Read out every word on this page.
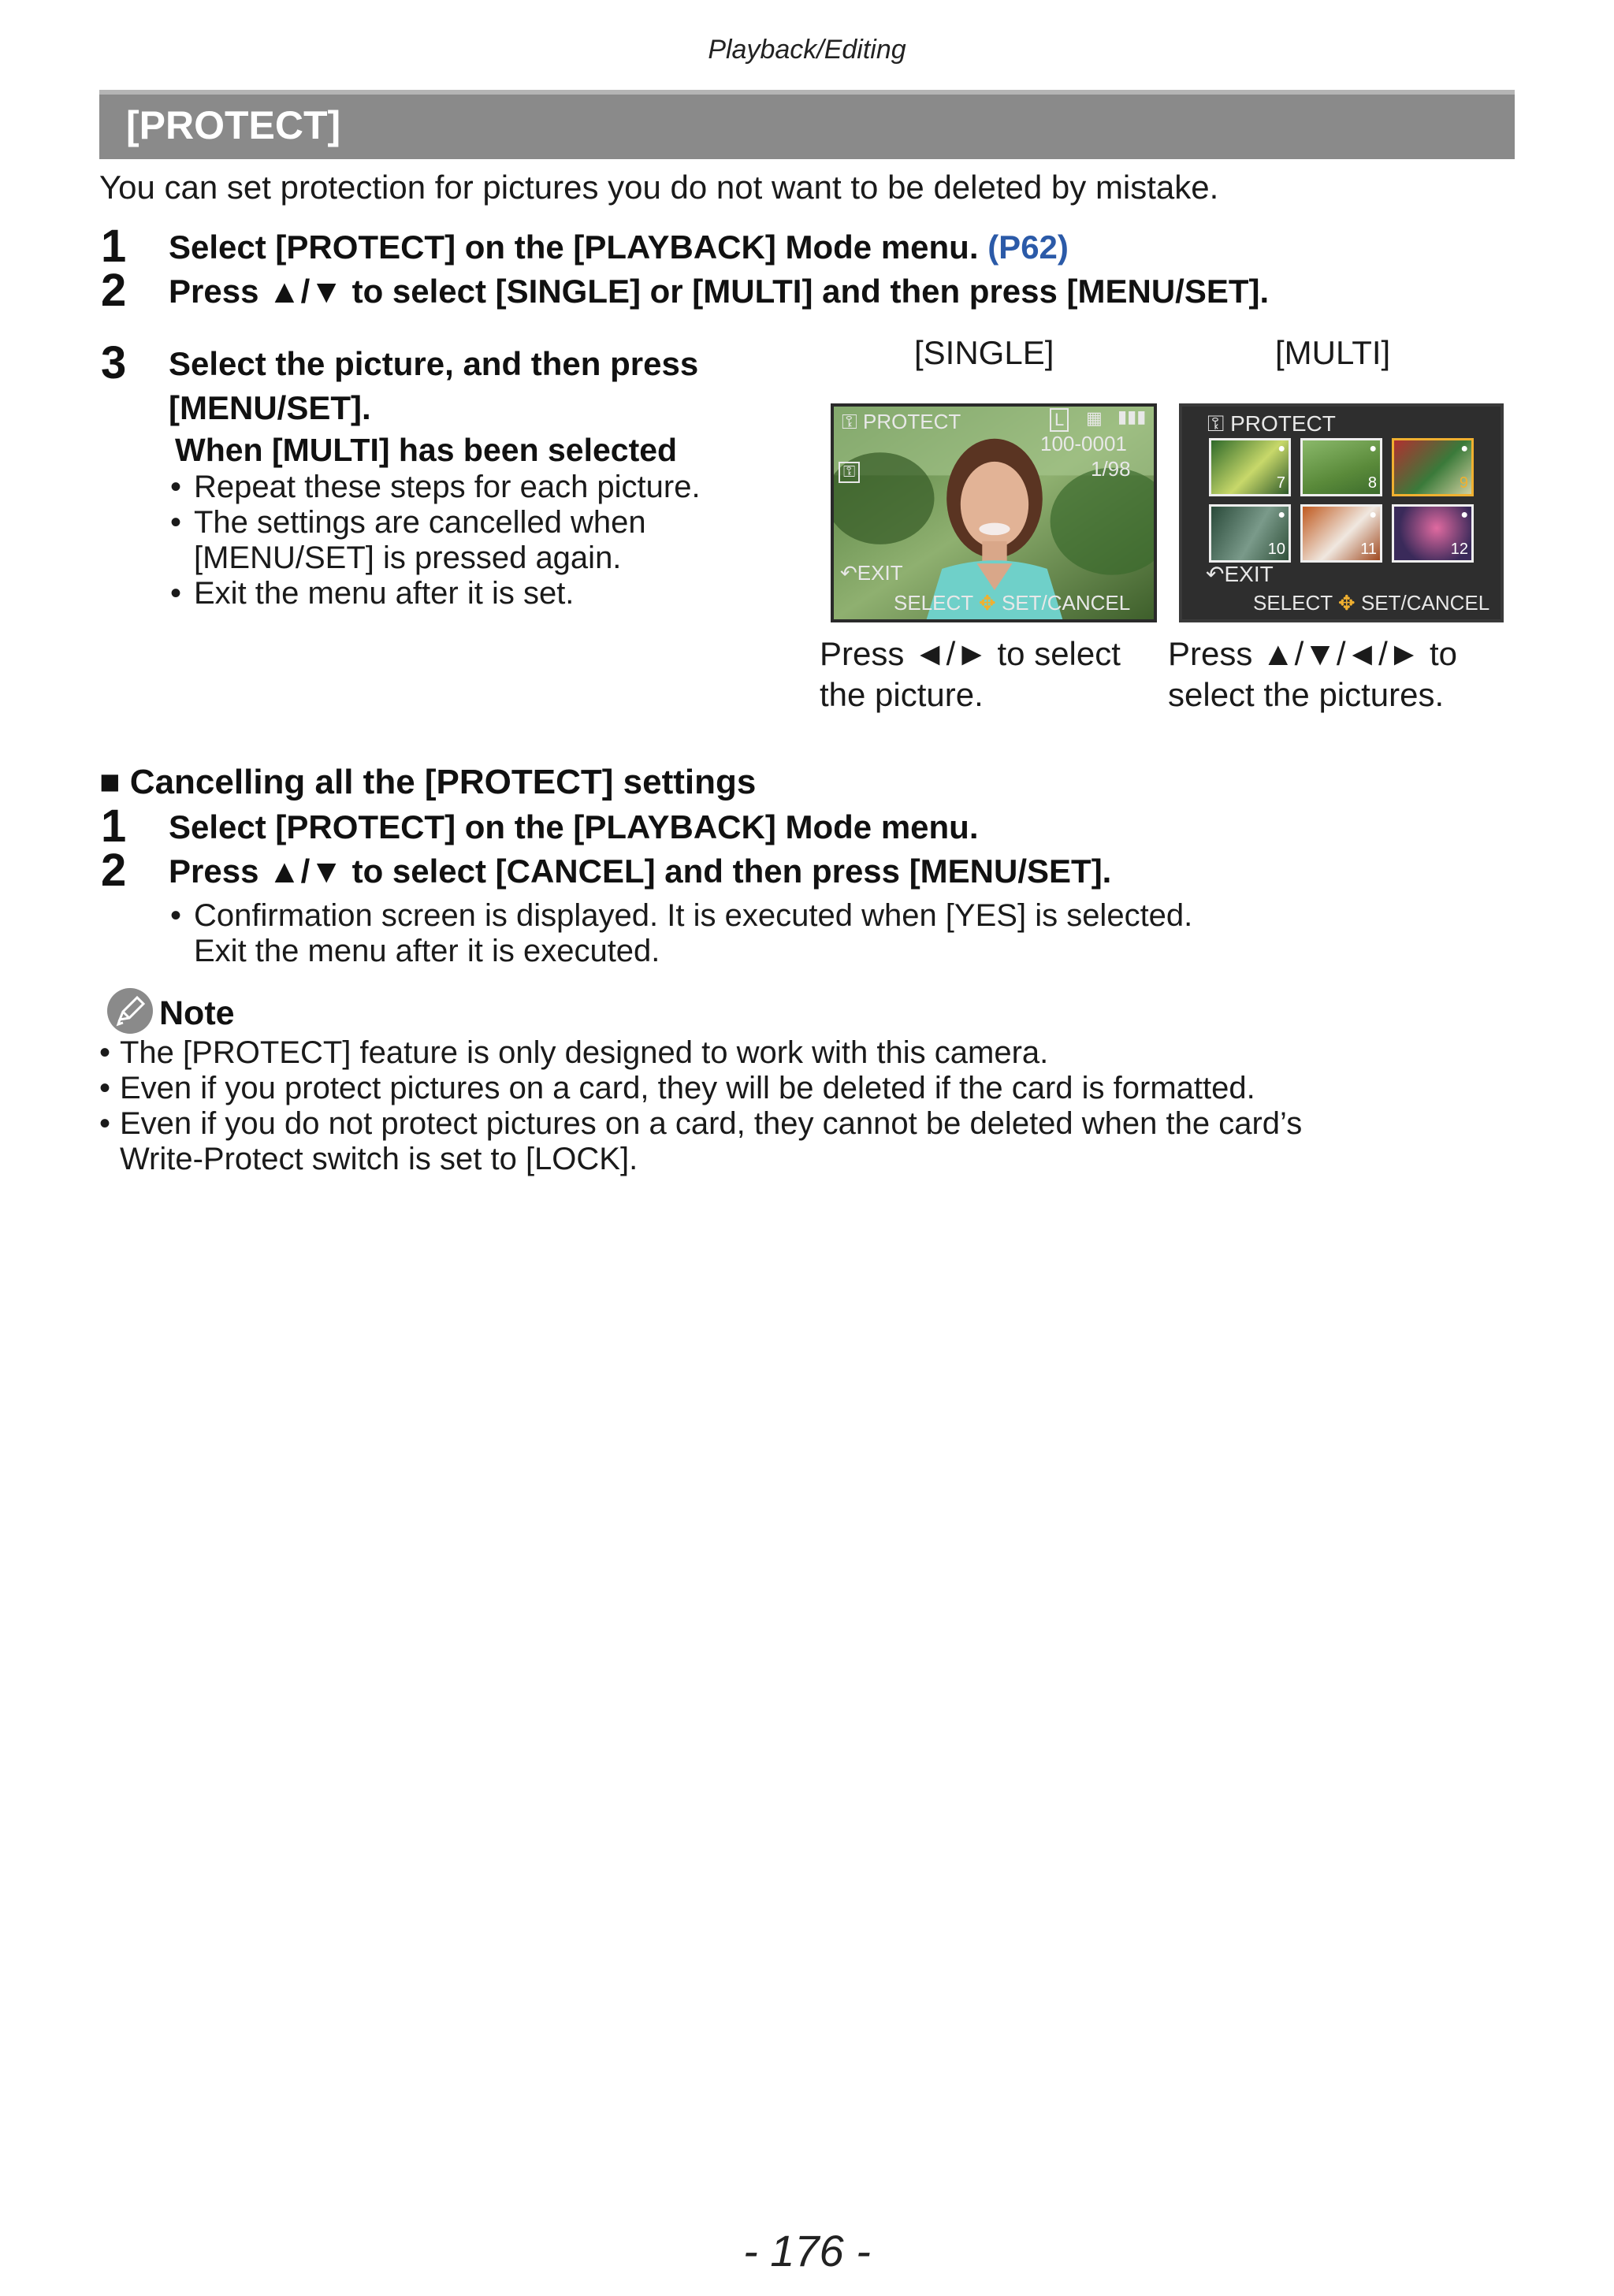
Playback/Editing
[PROTECT]
You can set protection for pictures you do not want to be deleted by mistake.
1 Select [PROTECT] on the [PLAYBACK] Mode menu. (P62)
2 Press ▲/▼ to select [SINGLE] or [MULTI] and then press [MENU/SET].
3 Select the picture, and then press
[MENU/SET].
When [MULTI] has been selected
• Repeat these steps for each picture.
• The settings are cancelled when
[MENU/SET] is pressed again.
• Exit the menu after it is set.
[SINGLE]	[MULTI]
⚿︎ PROTECT	L ▦ ▮▮▮
100-0001
1/98
⚿︎
↶EXIT
SELECT ✥ SET/CANCEL
⚿︎ PROTECT
●
7
●
8
●
9
●
10
●
11
●
12
↶EXIT
SELECT ✥ SET/CANCEL
Press ◄/► to select
the picture.
Press ▲/▼/◄/► to
select the pictures.
■ Cancelling all the [PROTECT] settings
1 Select [PROTECT] on the [PLAYBACK] Mode menu.
2 Press ▲/▼ to select [CANCEL] and then press [MENU/SET].
• Confirmation screen is displayed. It is executed when [YES] is selected.
Exit the menu after it is executed.
Note
• The [PROTECT] feature is only designed to work with this camera.
• Even if you protect pictures on a card, they will be deleted if the card is formatted.
• Even if you do not protect pictures on a card, they cannot be deleted when the card’s
Write-Protect switch is set to [LOCK].
- 176 -
